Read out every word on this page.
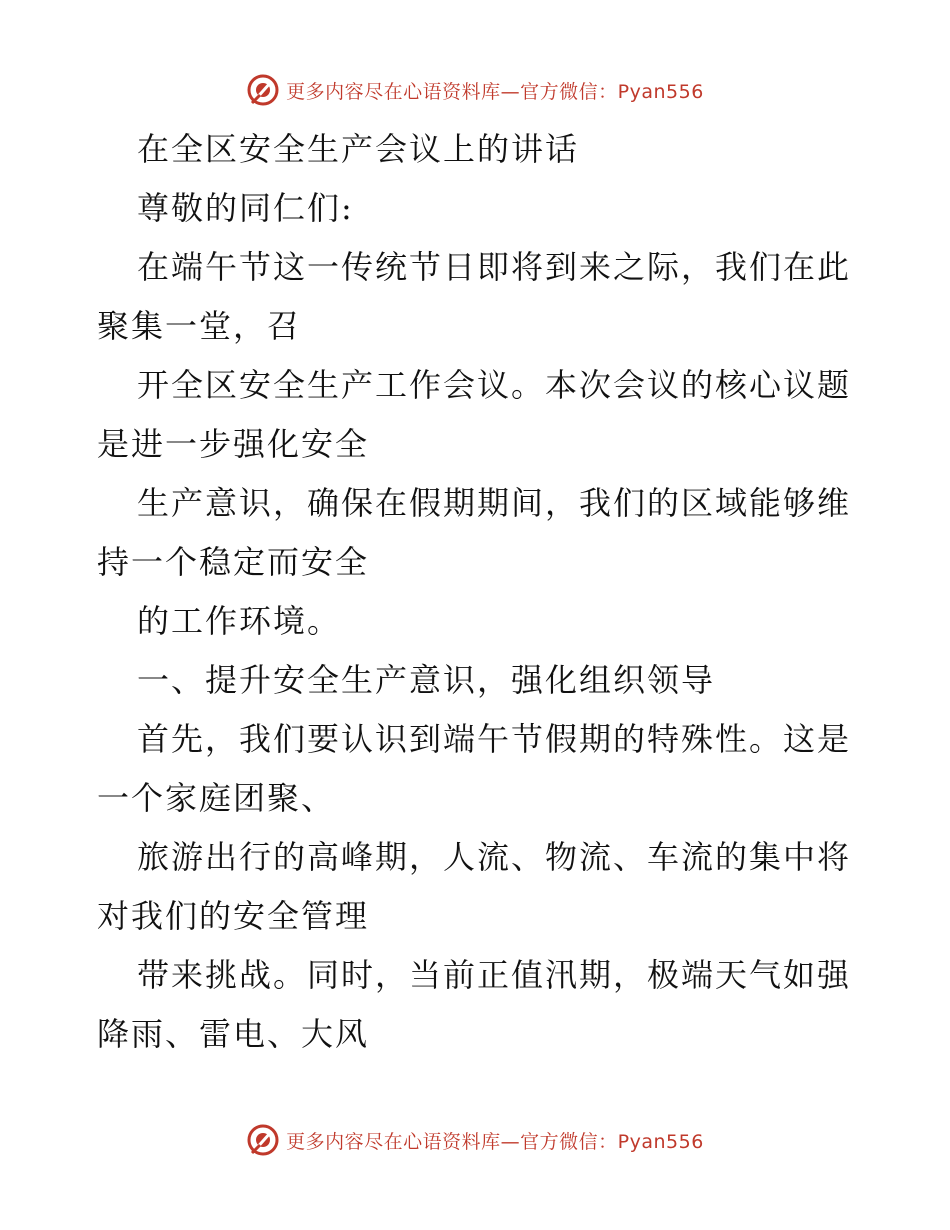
更多内容尽在心语资料库—官方微信：Pyan556
在全区安全生产会议上的讲话
尊敬的同仁们:
在端午节这一传统节日即将到来之际，我们在此
聚集一堂，召
开全区安全生产工作会议。本次会议的核心议题
是进一步强化安全
生产意识，确保在假期期间，我们的区域能够维
持一个稳定而安全
的工作环境。
一、提升安全生产意识，强化组织领导
首先，我们要认识到端午节假期的特殊性。这是
一个家庭团聚、
旅游出行的高峰期，人流、物流、车流的集中将
对我们的安全管理
带来挑战。同时，当前正值汛期，极端天气如强
降雨、雷电、大风
更多内容尽在心语资料库—官方微信：Pyan556
